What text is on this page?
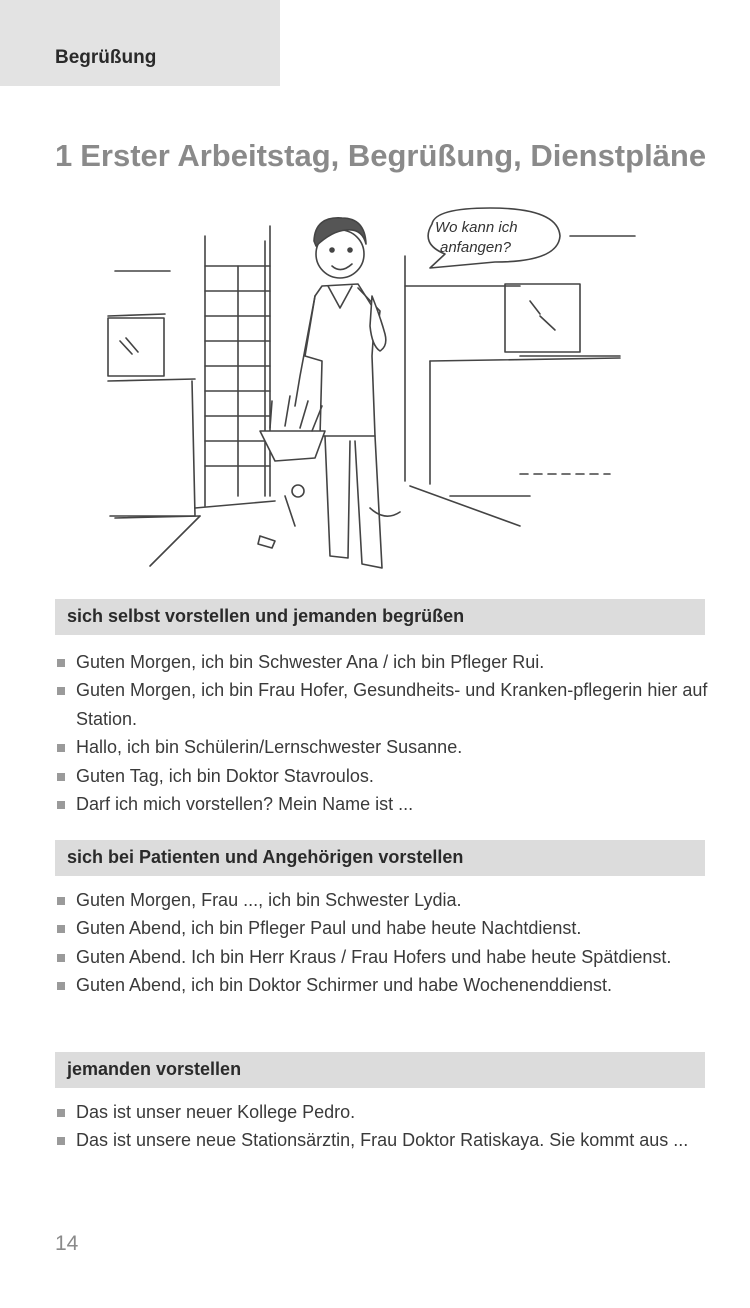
Begrüßung
1 Erster Arbeitstag, Begrüßung, Dienstpläne
Wo kann ich
anfangen?
sich selbst vorstellen und jemanden begrüßen
Guten Morgen, ich bin Schwester Ana / ich bin Pfleger Rui.
Guten Morgen, ich bin Frau Hofer, Gesundheits- und Kranken-pflegerin hier auf Station.
Hallo, ich bin Schülerin/Lernschwester Susanne.
Guten Tag, ich bin Doktor Stavroulos.
Darf ich mich vorstellen? Mein Name ist ...
sich bei Patienten und Angehörigen vorstellen
Guten Morgen, Frau ..., ich bin Schwester Lydia.
Guten Abend, ich bin Pfleger Paul und habe heute Nachtdienst.
Guten Abend. Ich bin Herr Kraus / Frau Hofers und habe heute Spätdienst.
Guten Abend, ich bin Doktor Schirmer und habe Wochenenddienst.
jemanden vorstellen
Das ist unser neuer Kollege Pedro.
Das ist unsere neue Stationsärztin, Frau Doktor Ratiskaya. Sie kommt aus ...
14
